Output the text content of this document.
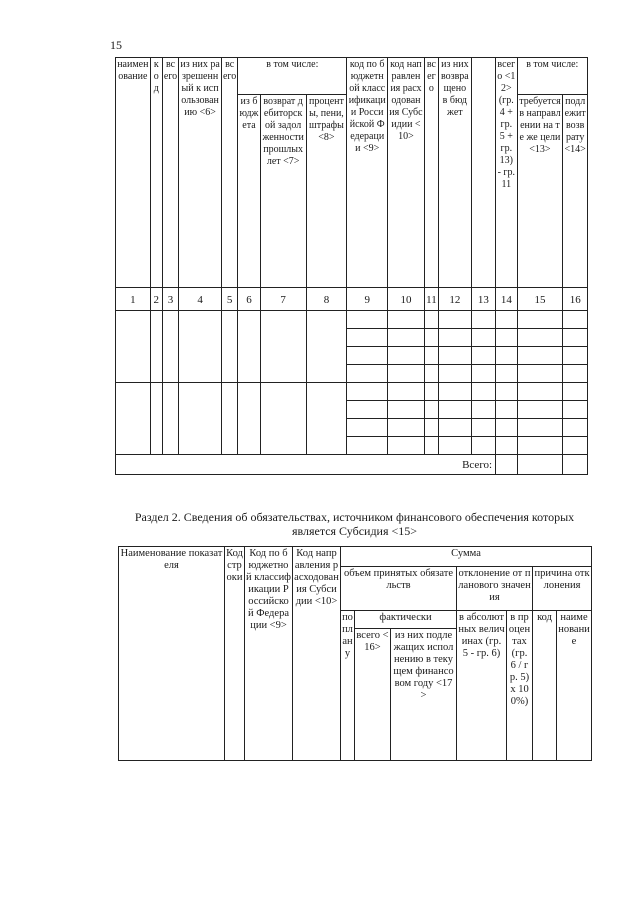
15
наименование	код	всего	из них разрешенный к использованию <6>	всего	в том числе:			код по бюджетной классификации Российской Федерации <9>	код направления расходования Субсидии <10>	всего	из них возвращено в бюджет		всего <12> (гр. 4 + гр. 5 + гр. 13) - гр. 11	в том числе:	
					из бюджета	возврат дебиторской задолженности прошлых лет <7>	проценты, пени, штрафы <8>							требуется в направлении на те же цели <13>	подлежит возврату <14>
1	2	3	4	5	6	7	8	9	10	11	12	13	14	15	16

Всего:															
Раздел 2. Сведения об обязательствах, источником финансового обеспечения которых
является Субсидия <15>
Наименование показателя	Код строки	Код по бюджетной классификации Российской Федерации <9>	Код направления расходования Субсидии <10>	Сумма						
				объем принятых обязательств			отклонение от планового значения		причина отклонения	
				по плану	фактически		в абсолютных величинах (гр. 5 - гр. 6)	в процентах (гр. 6 / гр. 5) x 100%)	код	наименование
					всего <16>	из них подлежащих исполнению в текущем финансовом году <17>				
